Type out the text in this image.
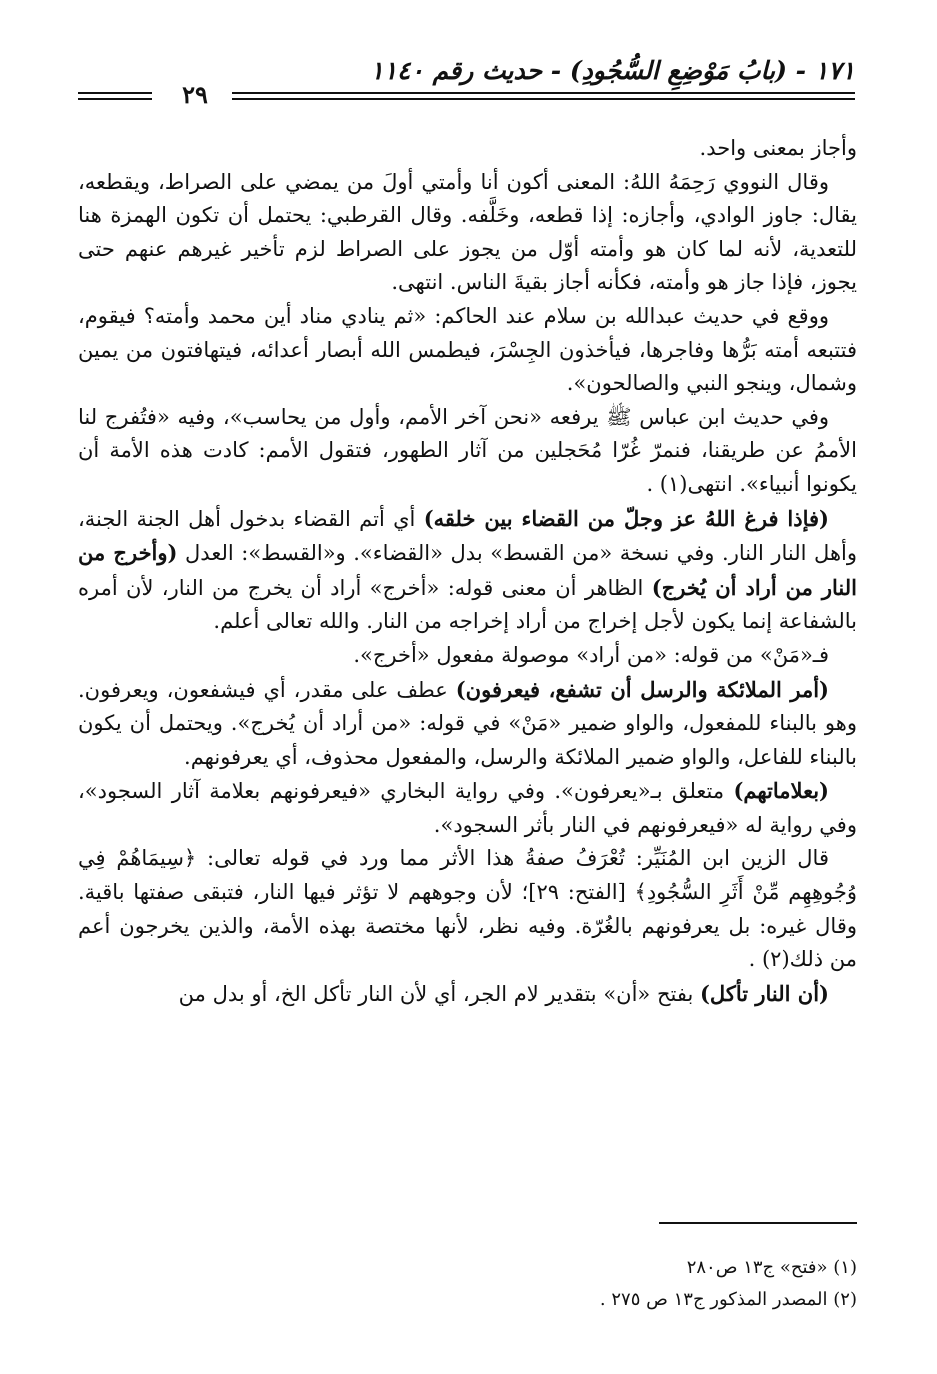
١٧١ - (بابُ مَوْضِعِ السُّجُودِ) - حديث رقم ١١٤٠
٢٩

وأجاز بمعنى واحد.

وقال النووي رَحِمَهُ اللهُ: المعنى أكون أنا وأمتي أولَ من يمضي على الصراط، ويقطعه، يقال: جاوز الوادي، وأجازه: إذا قطعه، وخَلَّفه. وقال القرطبي: يحتمل أن تكون الهمزة هنا للتعدية، لأنه لما كان هو وأمته أوّل من يجوز على الصراط لزم تأخير غيرهم عنهم حتى يجوز، فإذا جاز هو وأمته، فكأنه أجاز بقيةَ الناس. انتهى.

ووقع في حديث عبدالله بن سلام عند الحاكم: «ثم ينادي مناد أين محمد وأمته؟ فيقوم، فتتبعه أمته بَرُّها وفاجرها، فيأخذون الجِسْرَ، فيطمس الله أبصار أعدائه، فيتهافتون من يمين وشمال، وينجو النبي والصالحون».

وفي حديث ابن عباس ﷺ يرفعه «نحن آخر الأمم، وأول من يحاسب»، وفيه «فتُفرج لنا الأممُ عن طريقنا، فنمرّ غُرّا مُحَجلين من آثار الطهور، فتقول الأمم: كادت هذه الأمة أن يكونوا أنبياء». انتهى(١) .

(فإذا فرغ اللهُ عز وجلّ من القضاء بين خلقه) أي أتم القضاء بدخول أهل الجنة الجنة، وأهل النار النار. وفي نسخة «من القسط» بدل «القضاء». و«القسط»: العدل (وأخرج من النار من أراد أن يُخرج) الظاهر أن معنى قوله: «أخرج» أراد أن يخرج من النار، لأن أمره بالشفاعة إنما يكون لأجل إخراج من أراد إخراجه من النار. والله تعالى أعلم.

فـ«مَنْ» من قوله: «من أراد» موصولة مفعول «أخرج».

(أمر الملائكة والرسل أن تشفع، فيعرفون) عطف على مقدر، أي فيشفعون، ويعرفون. وهو بالبناء للمفعول، والواو ضمير «مَنْ» في قوله: «من أراد أن يُخرج». ويحتمل أن يكون بالبناء للفاعل، والواو ضمير الملائكة والرسل، والمفعول محذوف، أي يعرفونهم.

(بعلاماتهم) متعلق بـ«يعرفون». وفي رواية البخاري «فيعرفونهم بعلامة آثار السجود»، وفي رواية له «فيعرفونهم في النار بأثر السجود».

قال الزين ابن المُنَيِّر: تُعْرَفُ صفةُ هذا الأثر مما ورد في قوله تعالى: ﴿سِيمَاهُمْ فِي وُجُوهِهِم مِّنْ أَثَرِ السُّجُودِ﴾ [الفتح: ٢٩]؛ لأن وجوههم لا تؤثر فيها النار، فتبقى صفتها باقية. وقال غيره: بل يعرفونهم بالغُرّة. وفيه نظر، لأنها مختصة بهذه الأمة، والذين يخرجون أعم من ذلك(٢) .

(أن النار تأكل) بفتح «أن» بتقدير لام الجر، أي لأن النار تأكل الخ، أو بدل من

(١) «فتح» ج١٣ ص٢٨٠

(٢) المصدر المذكور ج١٣ ص ٢٧٥ .
